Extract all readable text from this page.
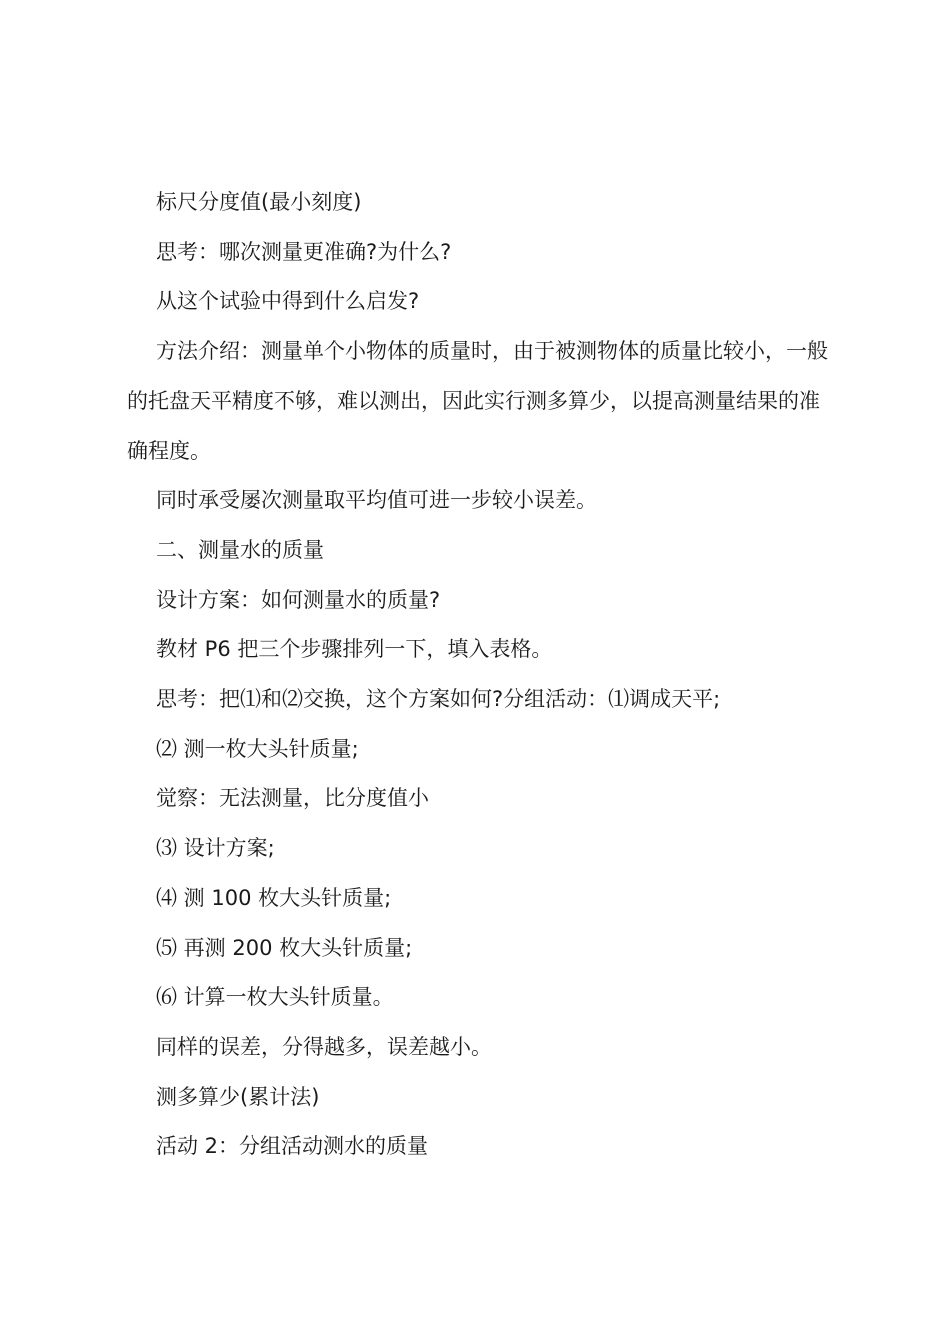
标尺分度值(最小刻度)

思考：哪次测量更准确?为什么?

从这个试验中得到什么启发?

方法介绍：测量单个小物体的质量时，由于被测物体的质量比较小，一般的托盘天平精度不够，难以测出，因此实行测多算少，以提高测量结果的准确程度。

同时承受屡次测量取平均值可进一步较小误差。

二、测量水的质量

设计方案：如何测量水的质量?

教材 P6 把三个步骤排列一下，填入表格。

思考：把⑴和⑵交换，这个方案如何?分组活动：⑴调成天平;

⑵ 测一枚大头针质量;

觉察：无法测量，比分度值小

⑶ 设计方案;

⑷ 测 100 枚大头针质量;

⑸ 再测 200 枚大头针质量;

⑹ 计算一枚大头针质量。

同样的误差，分得越多，误差越小。

测多算少(累计法)

活动 2：分组活动测水的质量
